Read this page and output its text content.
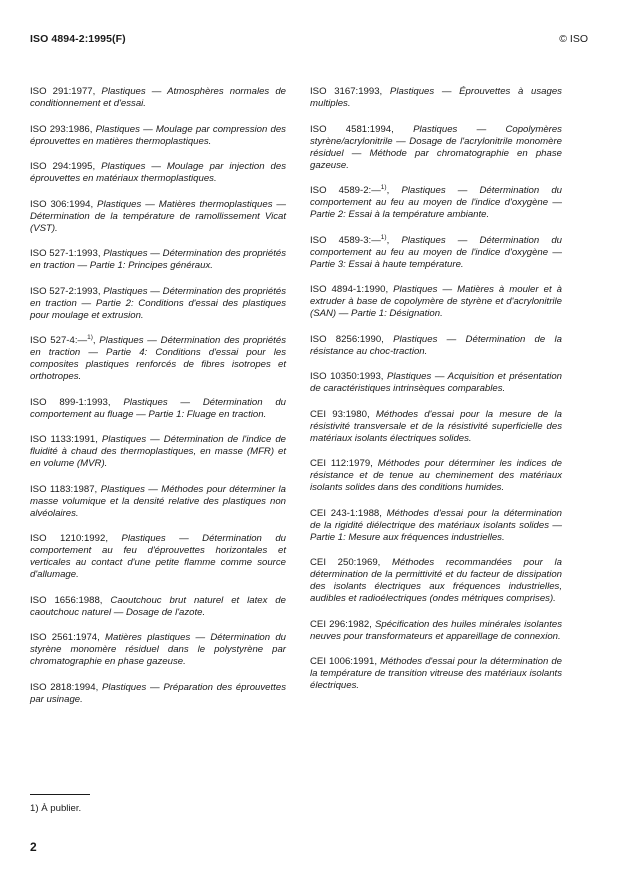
ISO 4894-2:1995(F)	© ISO

ISO 291:1977, Plastiques — Atmosphères normales de conditionnement et d'essai.

ISO 293:1986, Plastiques — Moulage par compression des éprouvettes en matières thermoplastiques.

ISO 294:1995, Plastiques — Moulage par injection des éprouvettes en matériaux thermoplastiques.

ISO 306:1994, Plastiques — Matières thermoplastiques — Détermination de la température de ramollissement Vicat (VST).

ISO 527-1:1993, Plastiques — Détermination des propriétés en traction — Partie 1: Principes généraux.

ISO 527-2:1993, Plastiques — Détermination des propriétés en traction — Partie 2: Conditions d'essai des plastiques pour moulage et extrusion.

ISO 527-4:—$^{1)}$, Plastiques — Détermination des propriétés en traction — Partie 4: Conditions d'essai pour les composites plastiques renforcés de fibres isotropes et orthotropes.

ISO 899-1:1993, Plastiques — Détermination du comportement au fluage — Partie 1: Fluage en traction.

ISO 1133:1991, Plastiques — Détermination de l'indice de fluidité à chaud des thermoplastiques, en masse (MFR) et en volume (MVR).

ISO 1183:1987, Plastiques — Méthodes pour déterminer la masse volumique et la densité relative des plastiques non alvéolaires.

ISO 1210:1992, Plastiques — Détermination du comportement au feu d'éprouvettes horizontales et verticales au contact d'une petite flamme comme source d'allumage.

ISO 1656:1988, Caoutchouc brut naturel et latex de caoutchouc naturel — Dosage de l'azote.

ISO 2561:1974, Matières plastiques — Détermination du styrène monomère résiduel dans le polystyrène par chromatographie en phase gazeuse.

ISO 2818:1994, Plastiques — Préparation des éprouvettes par usinage.

ISO 3167:1993, Plastiques — Éprouvettes à usages multiples.

ISO 4581:1994, Plastiques — Copolymères styrène/acrylonitrile — Dosage de l'acrylonitrile monomère résiduel — Méthode par chromatographie en phase gazeuse.

ISO 4589-2:—$^{1)}$, Plastiques — Détermination du comportement au feu au moyen de l'indice d'oxygène — Partie 2: Essai à la température ambiante.

ISO 4589-3:—$^{1)}$, Plastiques — Détermination du comportement au feu au moyen de l'indice d'oxygène — Partie 3: Essai à haute température.

ISO 4894-1:1990, Plastiques — Matières à mouler et à extruder à base de copolymère de styrène et d'acrylonitrile (SAN) — Partie 1: Désignation.

ISO 8256:1990, Plastiques — Détermination de la résistance au choc-traction.

ISO 10350:1993, Plastiques — Acquisition et présentation de caractéristiques intrinsèques comparables.

CEI 93:1980, Méthodes d'essai pour la mesure de la résistivité transversale et de la résistivité superficielle des matériaux isolants électriques solides.

CEI 112:1979, Méthodes pour déterminer les indices de résistance et de tenue au cheminement des matériaux isolants solides dans des conditions humides.

CEI 243-1:1988, Méthodes d'essai pour la détermination de la rigidité diélectrique des matériaux isolants solides — Partie 1: Mesure aux fréquences industrielles.

CEI 250:1969, Méthodes recommandées pour la détermination de la permittivité et du facteur de dissipation des isolants électriques aux fréquences industrielles, audibles et radioélectriques (ondes métriques comprises).

CEI 296:1982, Spécification des huiles minérales isolantes neuves pour transformateurs et appareillage de connexion.

CEI 1006:1991, Méthodes d'essai pour la détermination de la température de transition vitreuse des matériaux isolants électriques.

1) À publier.
2
